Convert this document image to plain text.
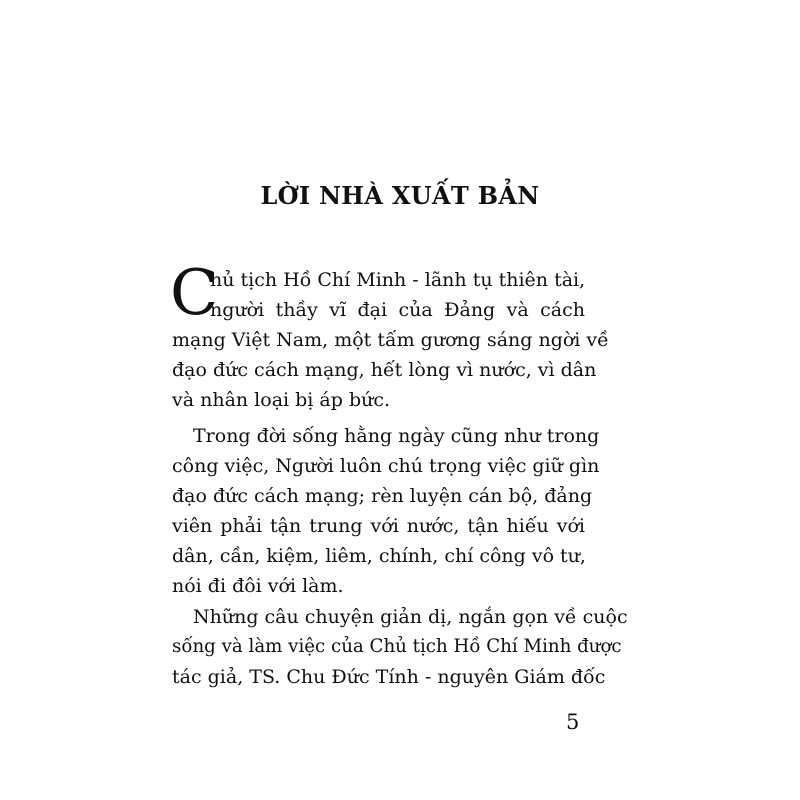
LỜI NHÀ XUẤT BẢN
C
hủ tịch Hồ Chí Minh - lãnh tụ thiên tài,
người thầy vĩ đại của Đảng và cách
mạng Việt Nam, một tấm gương sáng ngời về
đạo đức cách mạng, hết lòng vì nước, vì dân
và nhân loại bị áp bức.
Trong đời sống hằng ngày cũng như trong
công việc, Người luôn chú trọng việc giữ gìn
đạo đức cách mạng; rèn luyện cán bộ, đảng
viên phải tận trung với nước, tận hiếu với
dân, cần, kiệm, liêm, chính, chí công vô tư,
nói đi đôi với làm.
Những câu chuyện giản dị, ngắn gọn về cuộc
sống và làm việc của Chủ tịch Hồ Chí Minh được
tác giả, TS. Chu Đức Tính - nguyên Giám đốc
5
